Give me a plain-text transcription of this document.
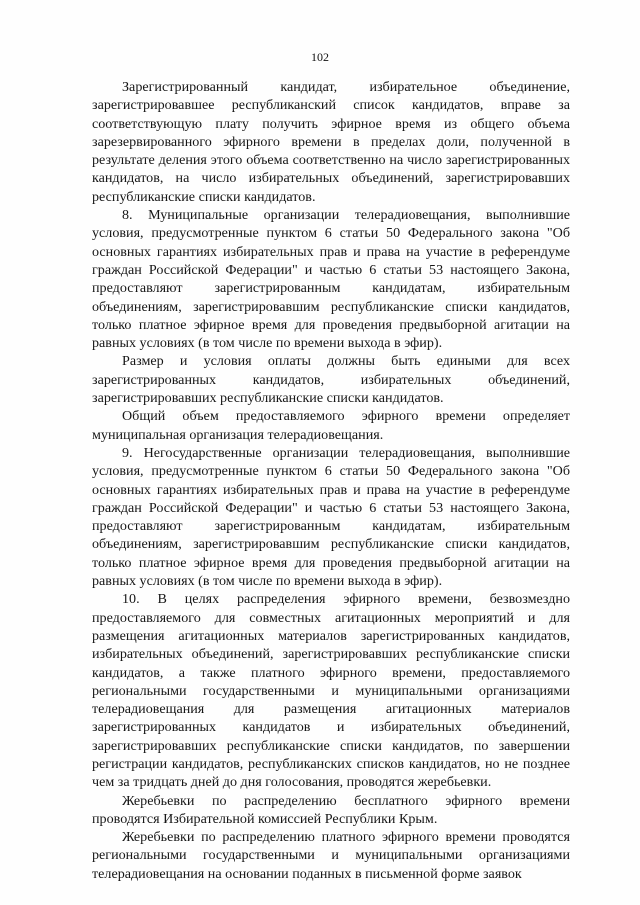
102

Зарегистрированный кандидат, избирательное объединение, зарегистрировавшее республиканский список кандидатов, вправе за соответствующую плату получить эфирное время из общего объема зарезервированного эфирного времени в пределах доли, полученной в результате деления этого объема соответственно на число зарегистрированных кандидатов, на число избирательных объединений, зарегистрировавших республиканские списки кандидатов.

8. Муниципальные организации телерадиовещания, выполнившие условия, предусмотренные пунктом 6 статьи 50 Федерального закона "Об основных гарантиях избирательных прав и права на участие в референдуме граждан Российской Федерации" и частью 6 статьи 53 настоящего Закона, предоставляют зарегистрированным кандидатам, избирательным объединениям, зарегистрировавшим республиканские списки кандидатов, только платное эфирное время для проведения предвыборной агитации на равных условиях (в том числе по времени выхода в эфир).

Размер и условия оплаты должны быть едиными для всех зарегистрированных кандидатов, избирательных объединений, зарегистрировавших республиканские списки кандидатов.

Общий объем предоставляемого эфирного времени определяет муниципальная организация телерадиовещания.

9. Негосударственные организации телерадиовещания, выполнившие условия, предусмотренные пунктом 6 статьи 50 Федерального закона "Об основных гарантиях избирательных прав и права на участие в референдуме граждан Российской Федерации" и частью 6 статьи 53 настоящего Закона, предоставляют зарегистрированным кандидатам, избирательным объединениям, зарегистрировавшим республиканские списки кандидатов, только платное эфирное время для проведения предвыборной агитации на равных условиях (в том числе по времени выхода в эфир).

10. В целях распределения эфирного времени, безвозмездно предоставляемого для совместных агитационных мероприятий и для размещения агитационных материалов зарегистрированных кандидатов, избирательных объединений, зарегистрировавших республиканские списки кандидатов, а также платного эфирного времени, предоставляемого региональными государственными и муниципальными организациями телерадиовещания для размещения агитационных материалов зарегистрированных кандидатов и избирательных объединений, зарегистрировавших республиканские списки кандидатов, по завершении регистрации кандидатов, республиканских списков кандидатов, но не позднее чем за тридцать дней до дня голосования, проводятся жеребьевки.

Жеребьевки по распределению бесплатного эфирного времени проводятся Избирательной комиссией Республики Крым.

Жеребьевки по распределению платного эфирного времени проводятся региональными государственными и муниципальными организациями телерадиовещания на основании поданных в письменной форме заявок
